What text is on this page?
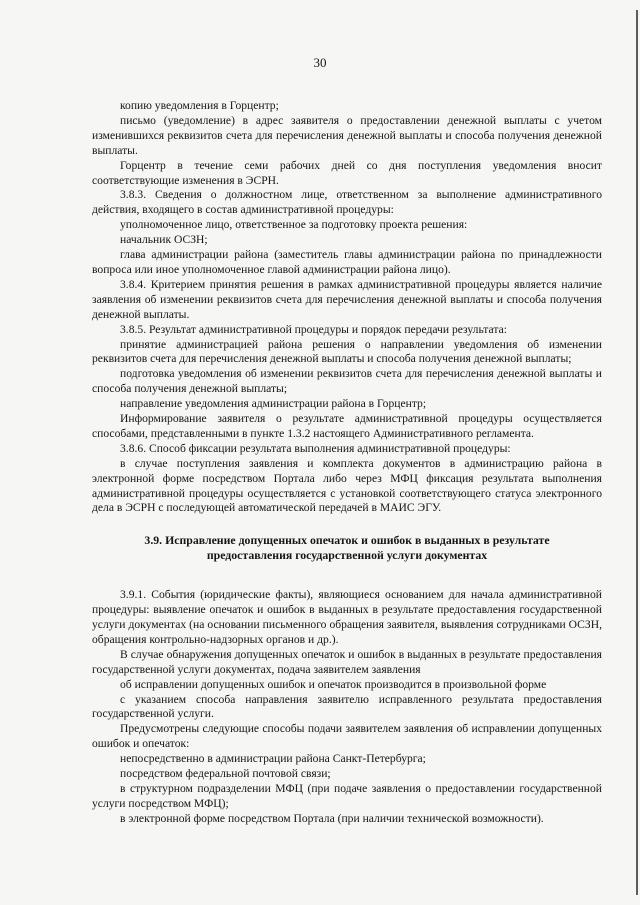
30

копию уведомления в Горцентр;

письмо (уведомление) в адрес заявителя о предоставлении денежной выплаты с учетом изменившихся реквизитов счета для перечисления денежной выплаты и способа получения денежной выплаты.

Горцентр в течение семи рабочих дней со дня поступления уведомления вносит соответствующие изменения в ЭСРН.

3.8.3. Сведения о должностном лице, ответственном за выполнение административного действия, входящего в состав административной процедуры:

уполномоченное лицо, ответственное за подготовку проекта решения:

начальник ОСЗН;

глава администрации района (заместитель главы администрации района по принадлежности вопроса или иное уполномоченное главой администрации района лицо).

3.8.4. Критерием принятия решения в рамках административной процедуры является наличие заявления об изменении реквизитов счета для перечисления денежной выплаты и способа получения денежной выплаты.

3.8.5. Результат административной процедуры и порядок передачи результата:

принятие администрацией района решения о направлении уведомления об изменении реквизитов счета для перечисления денежной выплаты и способа получения денежной выплаты;

подготовка уведомления об изменении реквизитов счета для перечисления денежной выплаты и способа получения денежной выплаты;

направление уведомления администрации района в Горцентр;

Информирование заявителя о результате административной процедуры осуществляется способами, представленными в пункте 1.3.2 настоящего Административного регламента.

3.8.6. Способ фиксации результата выполнения административной процедуры:

в случае поступления заявления и комплекта документов в администрацию района в электронной форме посредством Портала либо через МФЦ фиксация результата выполнения административной процедуры осуществляется с установкой соответствующего статуса электронного дела в ЭСРН с последующей автоматической передачей в МАИС ЭГУ.

3.9. Исправление допущенных опечаток и ошибок в выданных в результате
предоставления государственной услуги документах

3.9.1. События (юридические факты), являющиеся основанием для начала административной процедуры: выявление опечаток и ошибок в выданных в результате предоставления государственной услуги документах (на основании письменного обращения заявителя, выявления сотрудниками ОСЗН, обращения контрольно-надзорных органов и др.).

В случае обнаружения допущенных опечаток и ошибок в выданных в результате предоставления государственной услуги документах, подача заявителем заявления

об исправлении допущенных ошибок и опечаток производится в произвольной форме

с указанием способа направления заявителю исправленного результата предоставления государственной услуги.

Предусмотрены следующие способы подачи заявителем заявления об исправлении допущенных ошибок и опечаток:

непосредственно в администрации района Санкт-Петербурга;

посредством федеральной почтовой связи;

в структурном подразделении МФЦ (при подаче заявления о предоставлении государственной услуги посредством МФЦ);

в электронной форме посредством Портала (при наличии технической возможности).
